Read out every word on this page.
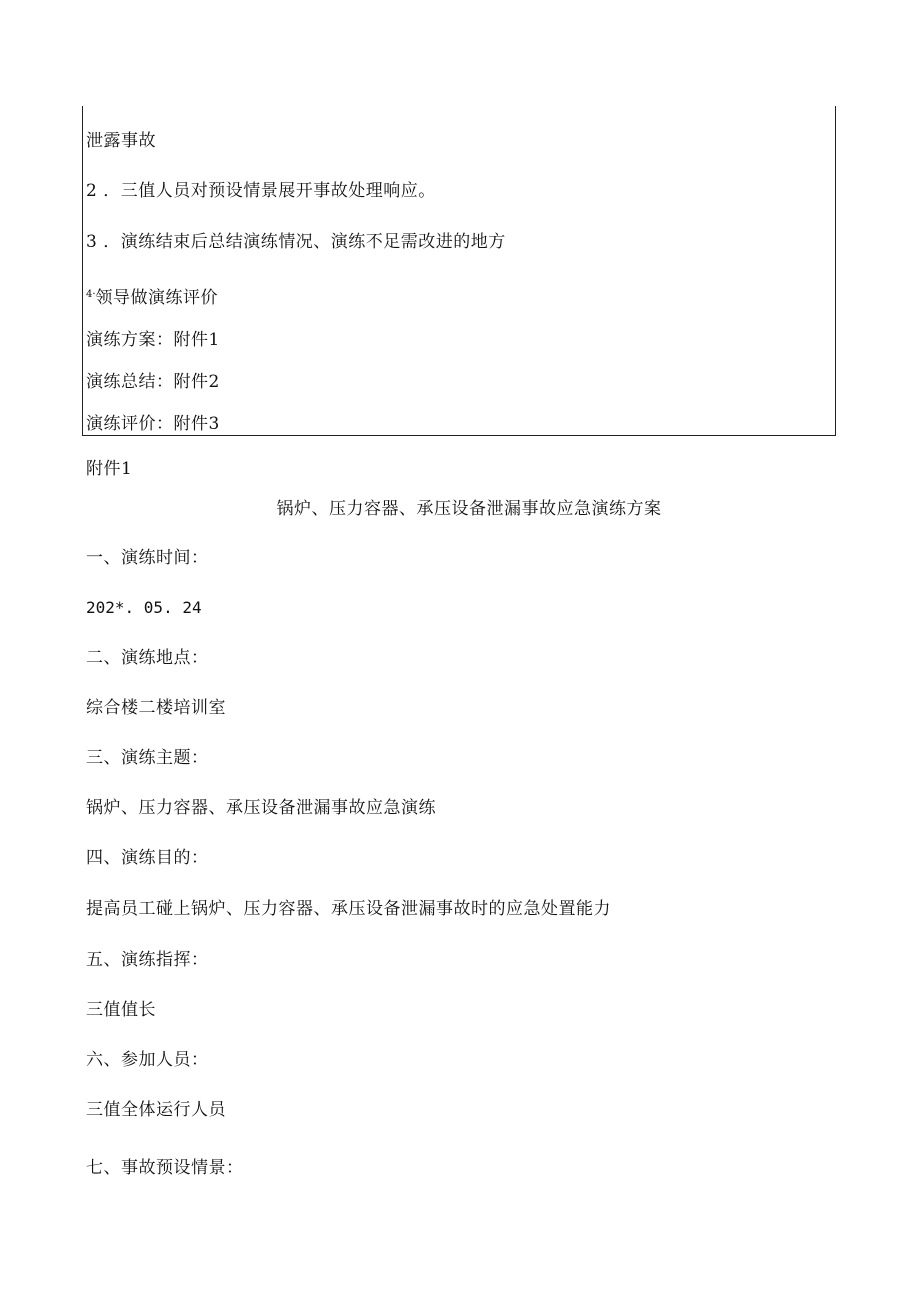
泄露事故
2 ．三值人员对预设情景展开事故处理响应。
3 ．演练结束后总结演练情况、演练不足需改进的地方
$^{4\cdot}$领导做演练评价
演练方案：附件1
演练总结：附件2
演练评价：附件3
附件1
锅炉、压力容器、承压设备泄漏事故应急演练方案
一、演练时间：
202*. 05. 24
二、演练地点：
综合楼二楼培训室
三、演练主题：
锅炉、压力容器、承压设备泄漏事故应急演练
四、演练目的：
提高员工碰上锅炉、压力容器、承压设备泄漏事故时的应急处置能力
五、演练指挥：
三值值长
六、参加人员：
三值全体运行人员
七、事故预设情景：
